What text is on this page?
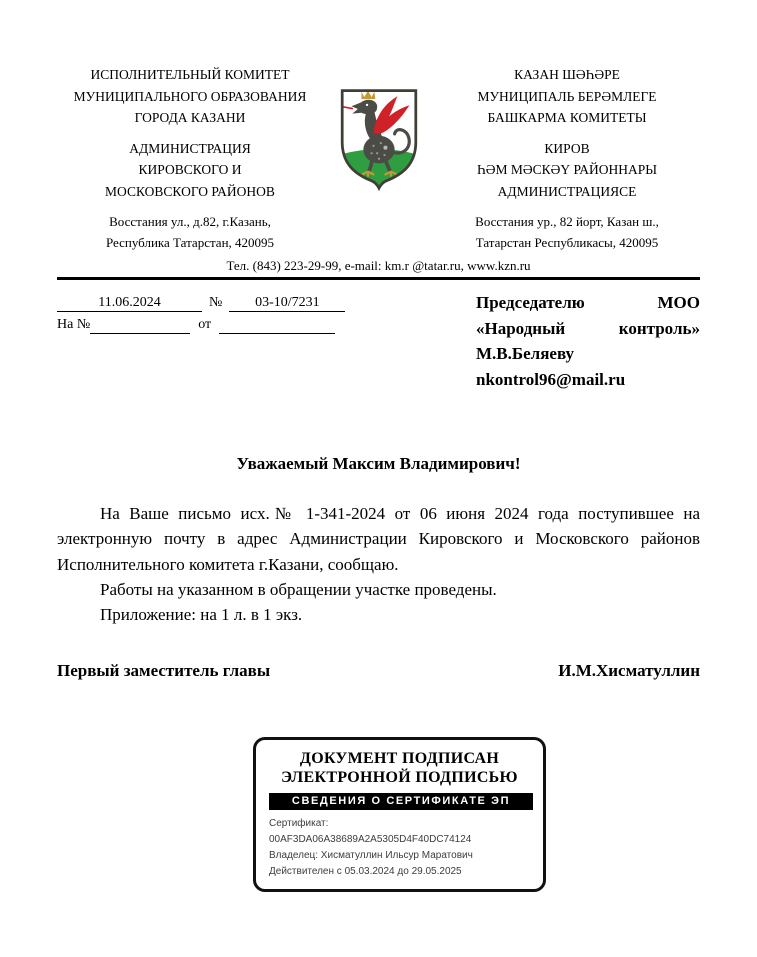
ИСПОЛНИТЕЛЬНЫЙ КОМИТЕТ
МУНИЦИПАЛЬНОГО ОБРАЗОВАНИЯ
ГОРОДА КАЗАНИ
АДМИНИСТРАЦИЯ
КИРОВСКОГО И
МОСКОВСКОГО РАЙОНОВ
Восстания ул., д.82, г.Казань,
Республика Татарстан, 420095
КАЗАН ШӘҺӘРЕ
МУНИЦИПАЛЬ БЕРӘМЛЕГЕ
БАШКАРМА КОМИТЕТЫ
КИРОВ
ҺӘМ МӘСКӘҮ РАЙОННАРЫ
АДМИНИСТРАЦИЯСЕ
Восстания ур., 82 йорт, Казан ш.,
Татарстан Республикасы, 420095
Тел. (843) 223-29-99, e-mail: km.r @tatar.ru, www.kzn.ru
11.06.2024	№	03-10/7231
На №	от
Председателю МОО
«Народный контроль»
М.В.Беляеву
nkontrol96@mail.ru
Уважаемый Максим Владимирович!

На Ваше письмо исх.№ 1-341-2024 от 06 июня 2024 года поступившее на электронную почту в адрес Администрации Кировского и Московского районов Исполнительного комитета г.Казани, сообщаю.

Работы на указанном в обращении участке проведены.

Приложение: на 1 л. в 1 экз.

Первый заместитель главы	И.М.Хисматуллин
ДОКУМЕНТ ПОДПИСАН
ЭЛЕКТРОННОЙ ПОДПИСЬЮ
СВЕДЕНИЯ О СЕРТИФИКАТЕ ЭП
Сертификат: 00AF3DA06A38689A2A5305D4F40DC74124
Владелец: Хисматуллин Ильсур Маратович
Действителен с 05.03.2024 до 29.05.2025
